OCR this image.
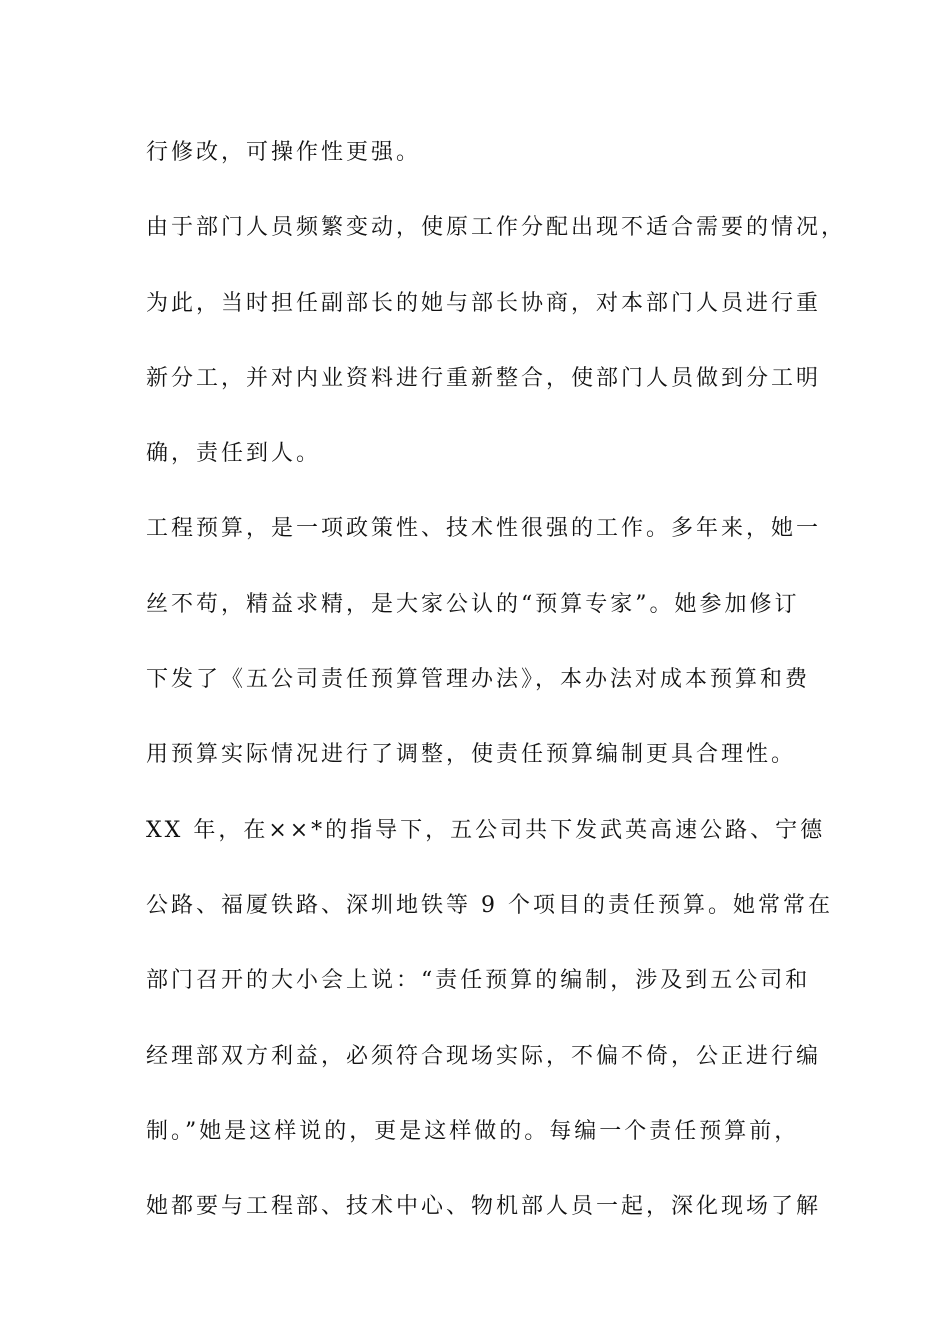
行修改，可操作性更强。
由于部门人员频繁变动，使原工作分配出现不适合需要的情况，
为此，当时担任副部长的她与部长协商，对本部门人员进行重
新分工，并对内业资料进行重新整合，使部门人员做到分工明
确，责任到人。
工程预算，是一项政策性、技术性很强的工作。多年来，她一
丝不苟，精益求精，是大家公认的“预算专家”。她参加修订
下发了《五公司责任预算管理办法》，本办法对成本预算和费
用预算实际情况进行了调整，使责任预算编制更具合理性。
XX 年，在××*的指导下，五公司共下发武英高速公路、宁德
公路、福厦铁路、深圳地铁等 9 个项目的责任预算。她常常在
部门召开的大小会上说：“责任预算的编制，涉及到五公司和
经理部双方利益，必须符合现场实际，不偏不倚，公正进行编
制。”她是这样说的，更是这样做的。每编一个责任预算前，
她都要与工程部、技术中心、物机部人员一起，深化现场了解
